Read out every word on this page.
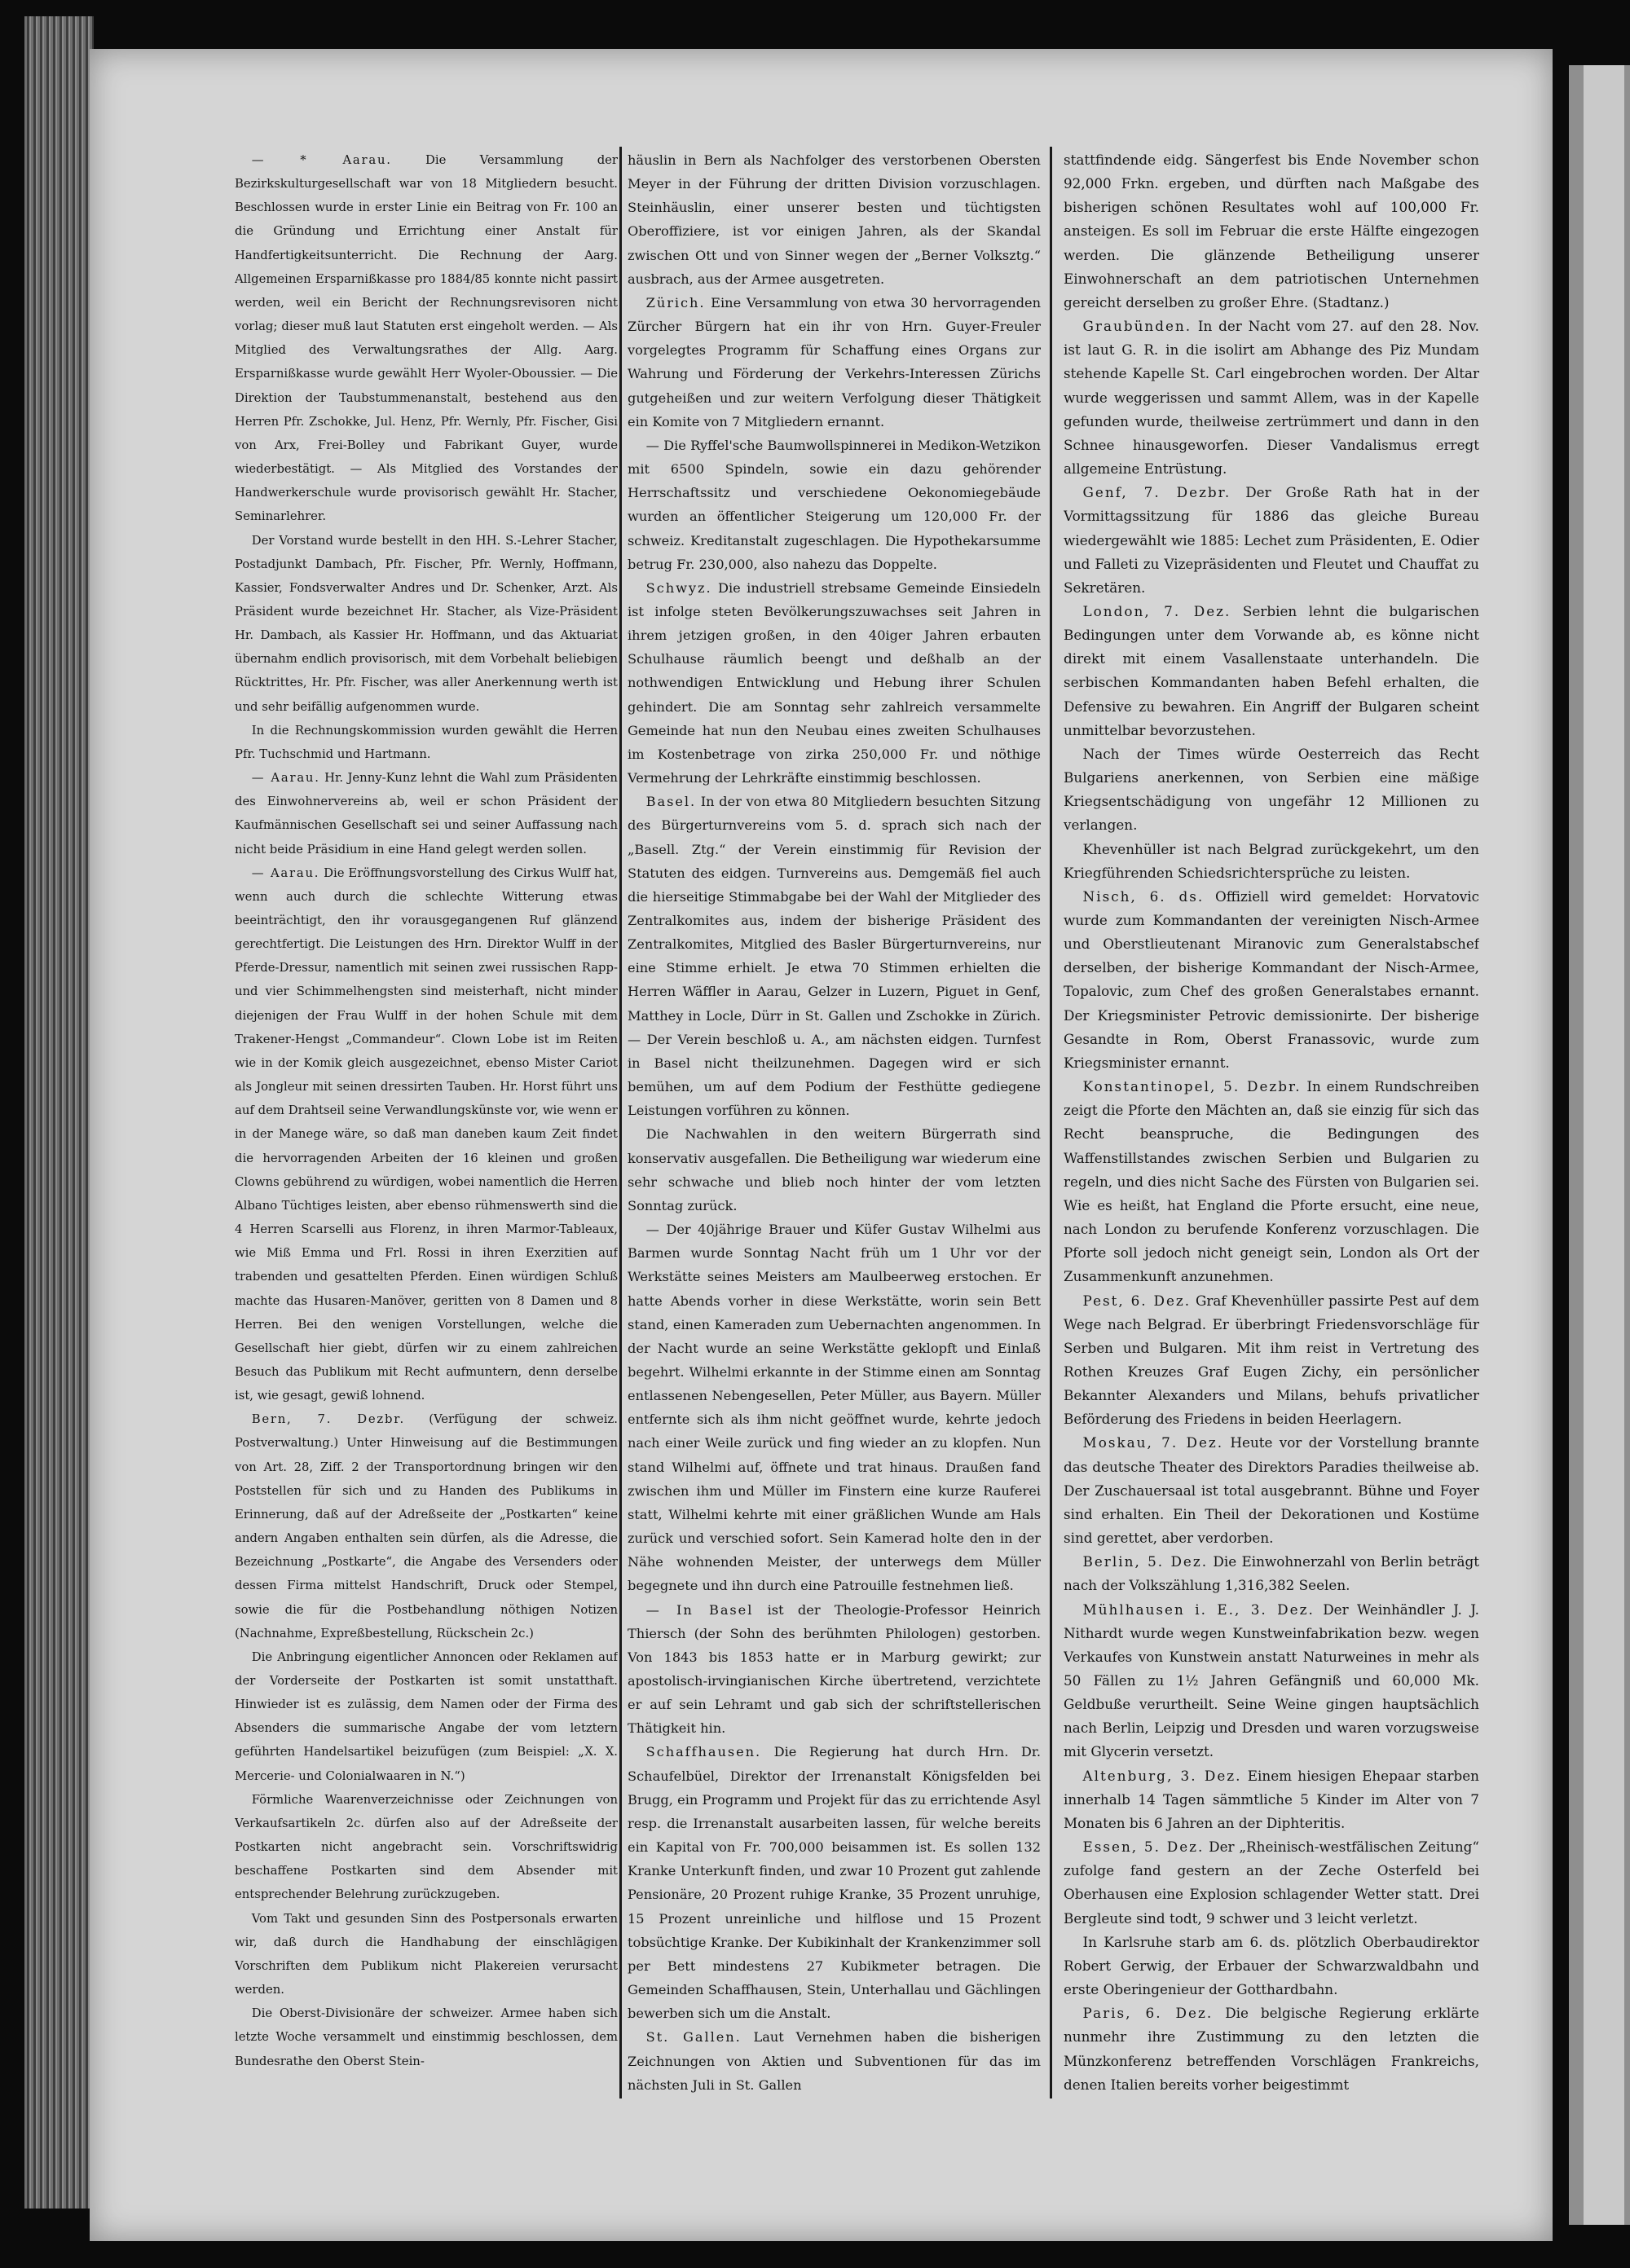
— * Aarau.	Die Versammlung der Bezirkskulturgesellschaft war von 18 Mitgliedern besucht. Beschlossen wurde in erster Linie ein Beitrag von Fr. 100 an die Gründung und Errichtung einer Anstalt für Handfertigkeitsunterricht. Die Rechnung der Aarg. Allgemeinen Ersparnißkasse pro 1884/85 konnte nicht passirt werden, weil ein Bericht der Rechnungsrevisoren nicht vorlag; dieser muß laut Statuten erst eingeholt werden. — Als Mitglied des Verwaltungsrathes der Allg. Aarg. Ersparnißkasse wurde gewählt Herr Wyoler-Oboussier. — Die Direktion der Taubstummenanstalt, bestehend aus den Herren Pfr. Zschokke, Jul. Henz, Pfr. Wernly, Pfr. Fischer, Gisi von Arx, Frei-Bolley und Fabrikant Guyer, wurde wiederbestätigt. — Als Mitglied des Vorstandes der Handwerkerschule wurde provisorisch gewählt Hr. Stacher, Seminarlehrer.

Der Vorstand wurde bestellt in den HH. S.-Lehrer Stacher, Postadjunkt Dambach, Pfr. Fischer, Pfr. Wernly, Hoffmann, Kassier, Fondsverwalter Andres und Dr. Schenker, Arzt. Als Präsident wurde bezeichnet Hr. Stacher, als Vize-Präsident Hr. Dambach, als Kassier Hr. Hoffmann, und das Aktuariat übernahm endlich provisorisch, mit dem Vorbehalt beliebigen Rücktrittes, Hr. Pfr. Fischer, was aller Anerkennung werth ist und sehr beifällig aufgenommen wurde.

In die Rechnungskommission wurden gewählt die Herren Pfr. Tuchschmid und Hartmann.

— Aarau. Hr. Jenny-Kunz lehnt die Wahl zum Präsidenten des Einwohnervereins ab, weil er schon Präsident der Kaufmännischen Gesellschaft sei und seiner Auffassung nach nicht beide Präsidium in eine Hand gelegt werden sollen.

— Aarau. Die Eröffnungsvorstellung des Cirkus Wulff hat, wenn auch durch die schlechte Witterung etwas beeinträchtigt, den ihr vorausgegangenen Ruf glänzend gerechtfertigt. Die Leistungen des Hrn. Direktor Wulff in der Pferde-Dressur, namentlich mit seinen zwei russischen Rapp- und vier Schimmelhengsten sind meisterhaft, nicht minder diejenigen der Frau Wulff in der hohen Schule mit dem Trakener-Hengst „Commandeur“. Clown Lobe ist im Reiten wie in der Komik gleich ausgezeichnet, ebenso Mister Cariot als Jongleur mit seinen dressirten Tauben. Hr. Horst führt uns auf dem Drahtseil seine Verwandlungskünste vor, wie wenn er in der Manege wäre, so daß man daneben kaum Zeit findet die hervorragenden Arbeiten der 16 kleinen und großen Clowns gebührend zu würdigen, wobei namentlich die Herren Albano Tüchtiges leisten, aber ebenso rühmenswerth sind die 4 Herren Scarselli aus Florenz, in ihren Marmor-Tableaux, wie Miß Emma und Frl. Rossi in ihren Exerzitien auf trabenden und gesattelten Pferden. Einen würdigen Schluß machte das Husaren-Manöver, geritten von 8 Damen und 8 Herren. Bei den wenigen Vorstellungen, welche die Gesellschaft hier giebt, dürfen wir zu einem zahlreichen Besuch das Publikum mit Recht aufmuntern, denn derselbe ist, wie gesagt, gewiß lohnend.

Bern, 7. Dezbr. (Verfügung der schweiz. Postverwaltung.) Unter Hinweisung auf die Bestimmungen von Art. 28, Ziff. 2 der Transportordnung bringen wir den Poststellen für sich und zu Handen des Publikums in Erinnerung, daß auf der Adreßseite der „Postkarten“ keine andern Angaben enthalten sein dürfen, als die Adresse, die Bezeichnung „Postkarte“, die Angabe des Versenders oder dessen Firma mittelst Handschrift, Druck oder Stempel, sowie die für die Postbehandlung nöthigen Notizen (Nachnahme, Expreßbestellung, Rückschein 2c.)

Die Anbringung eigentlicher Annoncen oder Reklamen auf der Vorderseite der Postkarten ist somit unstatthaft. Hinwieder ist es zulässig, dem Namen oder der Firma des Absenders die summarische Angabe der vom letztern geführten Handelsartikel beizufügen (zum Beispiel: „X. X. Mercerie- und Colonialwaaren in N.“)

Förmliche Waarenverzeichnisse oder Zeichnungen von Verkaufsartikeln 2c. dürfen also auf der Adreßseite der Postkarten nicht angebracht sein. Vorschriftswidrig beschaffene Postkarten sind dem Absender mit entsprechender Belehrung zurückzugeben.

Vom Takt und gesunden Sinn des Postpersonals erwarten wir, daß durch die Handhabung der einschlägigen Vorschriften dem Publikum nicht Plakereien verursacht werden.

Die Oberst-Divisionäre der schweizer. Armee haben sich letzte Woche versammelt und einstimmig beschlossen, dem Bundesrathe den Oberst Stein-

häuslin in Bern als Nachfolger des verstorbenen Obersten Meyer in der Führung der dritten Division vorzuschlagen. Steinhäuslin, einer unserer besten und tüchtigsten Oberoffiziere, ist vor einigen Jahren, als der Skandal zwischen Ott und von Sinner wegen der „Berner Volksztg.“ ausbrach, aus der Armee ausgetreten.

Zürich. Eine Versammlung von etwa 30 hervorragenden Zürcher Bürgern hat ein ihr von Hrn. Guyer-Freuler vorgelegtes Programm für Schaffung eines Organs zur Wahrung und Förderung der Verkehrs-Interessen Zürichs gutgeheißen und zur weitern Verfolgung dieser Thätigkeit ein Komite von 7 Mitgliedern ernannt.

— Die Ryffel'sche Baumwollspinnerei in Medikon-Wetzikon mit 6500 Spindeln, sowie ein dazu gehörender Herrschaftssitz und verschiedene Oekonomiegebäude wurden an öffentlicher Steigerung um 120,000 Fr. der schweiz. Kreditanstalt zugeschlagen. Die Hypothekarsumme betrug Fr. 230,000, also nahezu das Doppelte.

Schwyz. Die industriell strebsame Gemeinde Einsiedeln ist infolge steten Bevölkerungszuwachses seit Jahren in ihrem jetzigen großen, in den 40iger Jahren erbauten Schulhause räumlich beengt und deßhalb an der nothwendigen Entwicklung und Hebung ihrer Schulen gehindert. Die am Sonntag sehr zahlreich versammelte Gemeinde hat nun den Neubau eines zweiten Schulhauses im Kostenbetrage von zirka 250,000 Fr. und nöthige Vermehrung der Lehrkräfte einstimmig beschlossen.

Basel. In der von etwa 80 Mitgliedern besuchten Sitzung des Bürgerturnvereins vom 5. d. sprach sich nach der „Basell. Ztg.“ der Verein einstimmig für Revision der Statuten des eidgen. Turnvereins aus. Demgemäß fiel auch die hierseitige Stimmabgabe bei der Wahl der Mitglieder des Zentralkomites aus, indem der bisherige Präsident des Zentralkomites, Mitglied des Basler Bürgerturnvereins, nur eine Stimme erhielt. Je etwa 70 Stimmen erhielten die Herren Wäffler in Aarau, Gelzer in Luzern, Piguet in Genf, Matthey in Locle, Dürr in St. Gallen und Zschokke in Zürich. — Der Verein beschloß u. A., am nächsten eidgen. Turnfest in Basel nicht theilzunehmen. Dagegen wird er sich bemühen, um auf dem Podium der Festhütte gediegene Leistungen vorführen zu können.

Die Nachwahlen in den weitern Bürgerrath sind konservativ ausgefallen. Die Betheiligung war wiederum eine sehr schwache und blieb noch hinter der vom letzten Sonntag zurück.

— Der 40jährige Brauer und Küfer Gustav Wilhelmi aus Barmen wurde Sonntag Nacht früh um 1 Uhr vor der Werkstätte seines Meisters am Maulbeerweg erstochen. Er hatte Abends vorher in diese Werkstätte, worin sein Bett stand, einen Kameraden zum Uebernachten angenommen. In der Nacht wurde an seine Werkstätte geklopft und Einlaß begehrt. Wilhelmi erkannte in der Stimme einen am Sonntag entlassenen Nebengesellen, Peter Müller, aus Bayern. Müller entfernte sich als ihm nicht geöffnet wurde, kehrte jedoch nach einer Weile zurück und fing wieder an zu klopfen. Nun stand Wilhelmi auf, öffnete und trat hinaus. Draußen fand zwischen ihm und Müller im Finstern eine kurze Rauferei statt, Wilhelmi kehrte mit einer gräßlichen Wunde am Hals zurück und verschied sofort. Sein Kamerad holte den in der Nähe wohnenden Meister, der unterwegs dem Müller begegnete und ihn durch eine Patrouille festnehmen ließ.

— In Basel ist der Theologie-Professor Heinrich Thiersch (der Sohn des berühmten Philologen) gestorben. Von 1843 bis 1853 hatte er in Marburg gewirkt; zur apostolisch-irvingianischen Kirche übertretend, verzichtete er auf sein Lehramt und gab sich der schriftstellerischen Thätigkeit hin.

Schaffhausen. Die Regierung hat durch Hrn. Dr. Schaufelbüel, Direktor der Irrenanstalt Königsfelden bei Brugg, ein Programm und Projekt für das zu errichtende Asyl resp. die Irrenanstalt ausarbeiten lassen, für welche bereits ein Kapital von Fr. 700,000 beisammen ist. Es sollen 132 Kranke Unterkunft finden, und zwar 10 Prozent gut zahlende Pensionäre, 20 Prozent ruhige Kranke, 35 Prozent unruhige, 15 Prozent unreinliche und hilflose und 15 Prozent tobsüchtige Kranke. Der Kubikinhalt der Krankenzimmer soll per Bett mindestens 27 Kubikmeter betragen. Die Gemeinden Schaffhausen, Stein, Unterhallau und Gächlingen bewerben sich um die Anstalt.

St. Gallen. Laut Vernehmen haben die bisherigen Zeichnungen von Aktien und Subventionen für das im nächsten Juli in St. Gallen

stattfindende eidg. Sängerfest bis Ende November schon 92,000 Frkn. ergeben, und dürften nach Maßgabe des bisherigen schönen Resultates wohl auf 100,000 Fr. ansteigen. Es soll im Februar die erste Hälfte eingezogen werden. Die glänzende Betheiligung unserer Einwohnerschaft an dem patriotischen Unternehmen gereicht derselben zu großer Ehre. (Stadtanz.)

Graubünden. In der Nacht vom 27. auf den 28. Nov. ist laut G. R. in die isolirt am Abhange des Piz Mundam stehende Kapelle St. Carl eingebrochen worden. Der Altar wurde weggerissen und sammt Allem, was in der Kapelle gefunden wurde, theilweise zertrümmert und dann in den Schnee hinausgeworfen. Dieser Vandalismus erregt allgemeine Entrüstung.

Genf, 7. Dezbr. Der Große Rath hat in der Vormittagssitzung für 1886 das gleiche Bureau wiedergewählt wie 1885: Lechet zum Präsidenten, E. Odier und Falleti zu Vizepräsidenten und Fleutet und Chauffat zu Sekretären.

London, 7. Dez. Serbien lehnt die bulgarischen Bedingungen unter dem Vorwande ab, es könne nicht direkt mit einem Vasallenstaate unterhandeln. Die serbischen Kommandanten haben Befehl erhalten, die Defensive zu bewahren. Ein Angriff der Bulgaren scheint unmittelbar bevorzustehen.

Nach der Times würde Oesterreich das Recht Bulgariens anerkennen, von Serbien eine mäßige Kriegsentschädigung von ungefähr 12 Millionen zu verlangen.

Khevenhüller ist nach Belgrad zurückgekehrt, um den Kriegführenden Schiedsrichtersprüche zu leisten.

Nisch, 6. ds. Offiziell wird gemeldet: Horvatovic wurde zum Kommandanten der vereinigten Nisch-Armee und Oberstlieutenant Miranovic zum Generalstabschef derselben, der bisherige Kommandant der Nisch-Armee, Topalovic, zum Chef des großen Generalstabes ernannt. Der Kriegsminister Petrovic demissionirte. Der bisherige Gesandte in Rom, Oberst Franassovic, wurde zum Kriegsminister ernannt.

Konstantinopel, 5. Dezbr. In einem Rundschreiben zeigt die Pforte den Mächten an, daß sie einzig für sich das Recht beanspruche, die Bedingungen des Waffenstillstandes zwischen Serbien und Bulgarien zu regeln, und dies nicht Sache des Fürsten von Bulgarien sei. Wie es heißt, hat England die Pforte ersucht, eine neue, nach London zu berufende Konferenz vorzuschlagen. Die Pforte soll jedoch nicht geneigt sein, London als Ort der Zusammenkunft anzunehmen.

Pest, 6. Dez. Graf Khevenhüller passirte Pest auf dem Wege nach Belgrad. Er überbringt Friedensvorschläge für Serben und Bulgaren. Mit ihm reist in Vertretung des Rothen Kreuzes Graf Eugen Zichy, ein persönlicher Bekannter Alexanders und Milans, behufs privatlicher Beförderung des Friedens in beiden Heerlagern.

Moskau, 7. Dez. Heute vor der Vorstellung brannte das deutsche Theater des Direktors Paradies theilweise ab. Der Zuschauersaal ist total ausgebrannt. Bühne und Foyer sind erhalten. Ein Theil der Dekorationen und Kostüme sind gerettet, aber verdorben.

Berlin, 5. Dez. Die Einwohnerzahl von Berlin beträgt nach der Volkszählung 1,316,382 Seelen.

Mühlhausen i. E., 3. Dez. Der Weinhändler J. J. Nithardt wurde wegen Kunstweinfabrikation bezw. wegen Verkaufes von Kunstwein anstatt Naturweines in mehr als 50 Fällen zu 1½ Jahren Gefängniß und 60,000 Mk. Geldbuße verurtheilt. Seine Weine gingen hauptsächlich nach Berlin, Leipzig und Dresden und waren vorzugsweise mit Glycerin versetzt.

Altenburg, 3. Dez. Einem hiesigen Ehepaar starben innerhalb 14 Tagen sämmtliche 5 Kinder im Alter von 7 Monaten bis 6 Jahren an der Diphteritis.

Essen, 5. Dez. Der „Rheinisch-westfälischen Zeitung“ zufolge fand gestern an der Zeche Osterfeld bei Oberhausen eine Explosion schlagender Wetter statt. Drei Bergleute sind todt, 9 schwer und 3 leicht verletzt.

In Karlsruhe starb am 6. ds. plötzlich Oberbaudirektor Robert Gerwig, der Erbauer der Schwarzwaldbahn und erste Oberingenieur der Gotthardbahn.

Paris, 6. Dez. Die belgische Regierung erklärte nunmehr ihre Zustimmung zu den letzten die Münzkonferenz betreffenden Vorschlägen Frankreichs, denen Italien bereits vorher beigestimmt
